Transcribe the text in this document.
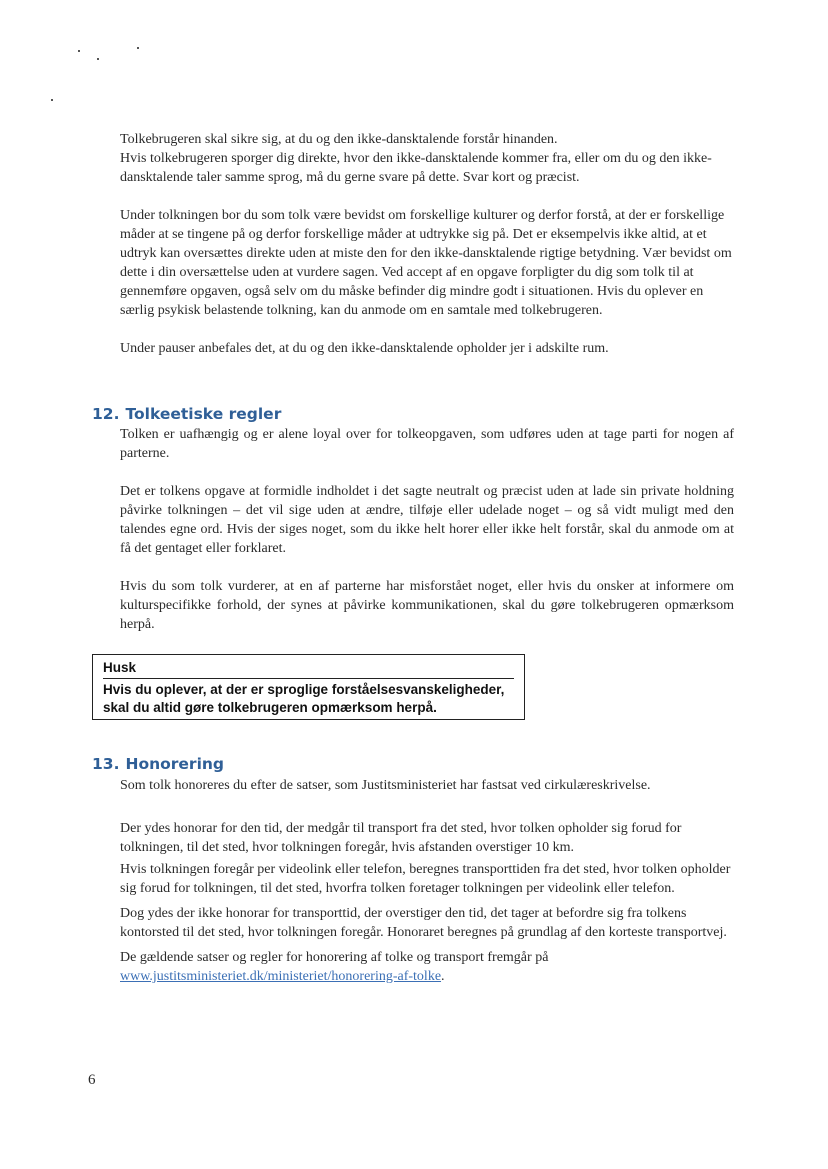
Tolkebrugeren skal sikre sig, at du og den ikke-dansktalende forstår hinanden.

Hvis tolkebrugeren sporger dig direkte, hvor den ikke-dansktalende kommer fra, eller om du og den ikke-dansktalende taler samme sprog, må du gerne svare på dette. Svar kort og præcist.

Under tolkningen bor du som tolk være bevidst om forskellige kulturer og derfor forstå, at der er forskellige måder at se tingene på og derfor forskellige måder at udtrykke sig på. Det er eksempelvis ikke altid, at et udtryk kan oversættes direkte uden at miste den for den ikke-dansktalende rigtige betydning. Vær bevidst om dette i din oversættelse uden at vurdere sagen. Ved accept af en opgave forpligter du dig som tolk til at gennemføre opgaven, også selv om du måske befinder dig mindre godt i situationen. Hvis du oplever en særlig psykisk belastende tolkning, kan du anmode om en samtale med tolkebrugeren.

Under pauser anbefales det, at du og den ikke-dansktalende opholder jer i adskilte rum.

12. Tolkeetiske regler

Tolken er uafhængig og er alene loyal over for tolkeopgaven, som udføres uden at tage parti for nogen af parterne.

Det er tolkens opgave at formidle indholdet i det sagte neutralt og præcist uden at lade sin private holdning påvirke tolkningen – det vil sige uden at ændre, tilføje eller udelade noget – og så vidt muligt med den talendes egne ord. Hvis der siges noget, som du ikke helt horer eller ikke helt forstår, skal du anmode om at få det gentaget eller forklaret.

Hvis du som tolk vurderer, at en af parterne har misforstået noget, eller hvis du onsker at informere om kulturspecifikke forhold, der synes at påvirke kommunikationen, skal du gøre tolkebrugeren opmærksom herpå.

Husk

Hvis du oplever, at der er sproglige forståelsesvanskeligheder, skal du altid gøre tolkebrugeren opmærksom herpå.

13. Honorering

Som tolk honoreres du efter de satser, som Justitsministeriet har fastsat ved cirkulæreskrivelse.

Der ydes honorar for den tid, der medgår til transport fra det sted, hvor tolken opholder sig forud for tolkningen, til det sted, hvor tolkningen foregår, hvis afstanden overstiger 10 km.

Hvis tolkningen foregår per videolink eller telefon, beregnes transporttiden fra det sted, hvor tolken opholder sig forud for tolkningen, til det sted, hvorfra tolken foretager tolkningen per videolink eller telefon.

Dog ydes der ikke honorar for transporttid, der overstiger den tid, det tager at befordre sig fra tolkens kontorsted til det sted, hvor tolkningen foregår. Honoraret beregnes på grundlag af den korteste transportvej.

De gældende satser og regler for honorering af tolke og transport fremgår på
www.justitsministeriet.dk/ministeriet/honorering-af-tolke.

6
